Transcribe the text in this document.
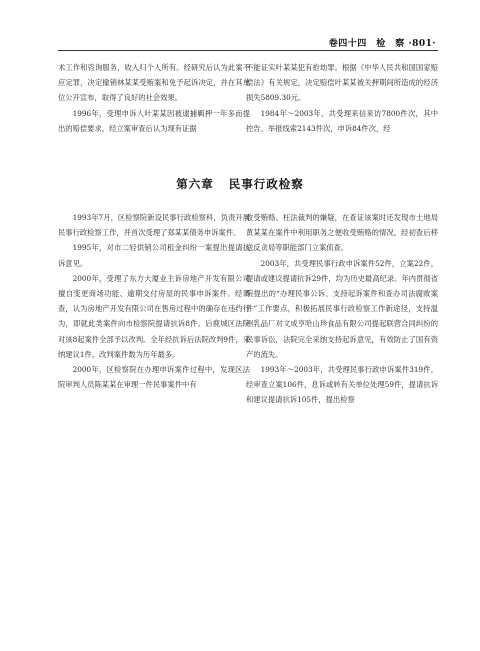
卷四十四　检　察 ·801·

术工作和咨询服务，收入归个人所有。经研究后认为此案不应定罪，决定撤销林某某受贿案和免予起诉决定，并在其单位公开宣布，取得了良好的社会效果。

1996年，受理申诉人叶某某因被逮捕羁押一年多而提出的赔偿要求，经立案审查后认为现有证据

不能证实叶某某犯有抢劫罪。根据《中华人民共和国国家赔偿法》有关规定，决定赔偿叶某某被关押期间所造成的经济损失5809.30元。

1984年～2003年，共受理来信来访7800件次，其中控告、举报线索2143件次，申诉84件次，经

第六章 民事行政检察

1993年7月，区检察院新设民事行政检察科，负责开展民事行政检察工作，并首次受理了郑某某债务申诉案件。

1995年，对市二轻供销公司租金纠纷一案提出提请抗诉意见。

2000年，受理了东方大厦业主诉房地产开发有限公司擅自变更商场功能、逾期交付房屋的民事申诉案件。经调查，认为房地产开发有限公司在售房过程中的确存在违约行为，即就此类案件向市检察院提请抗诉8件。后鹿城区法院对该8起案件全部予以改判。全年经抗诉后法院改判9件，采纳建议1件，改判案件数为历年最多。

2000年，区检察院在办理申诉案件过程中，发现区法院审判人员陈某某在审理一件民事案件中有

收受贿赂、枉法裁判的嫌疑，在查证该案时还发现市土地局黄某某在案件中利用职务之便收受贿赂的情况，经初查后移送反贪局等职能部门立案侦查。

2003年，共受理民事行政申诉案件52件，立案22件，提请或建议提请抗诉29件，均为历史最高纪录。年内贯彻省院提出的“办理民事公诉、支持起诉案件和查办司法腐败案件”工作要点，积极拓展民事行政检察工作新途径，支持温州乳品厂对文成亨哈山珍食品有限公司提起联营合同纠纷的民事诉讼，法院完全采纳支持起诉意见，有效防止了国有资产的流失。

1993年～2003年，共受理民事行政申诉案件319件，经审查立案106件，息诉或转有关单位处理59件，提请抗诉和建议提请抗诉105件，提出检察
